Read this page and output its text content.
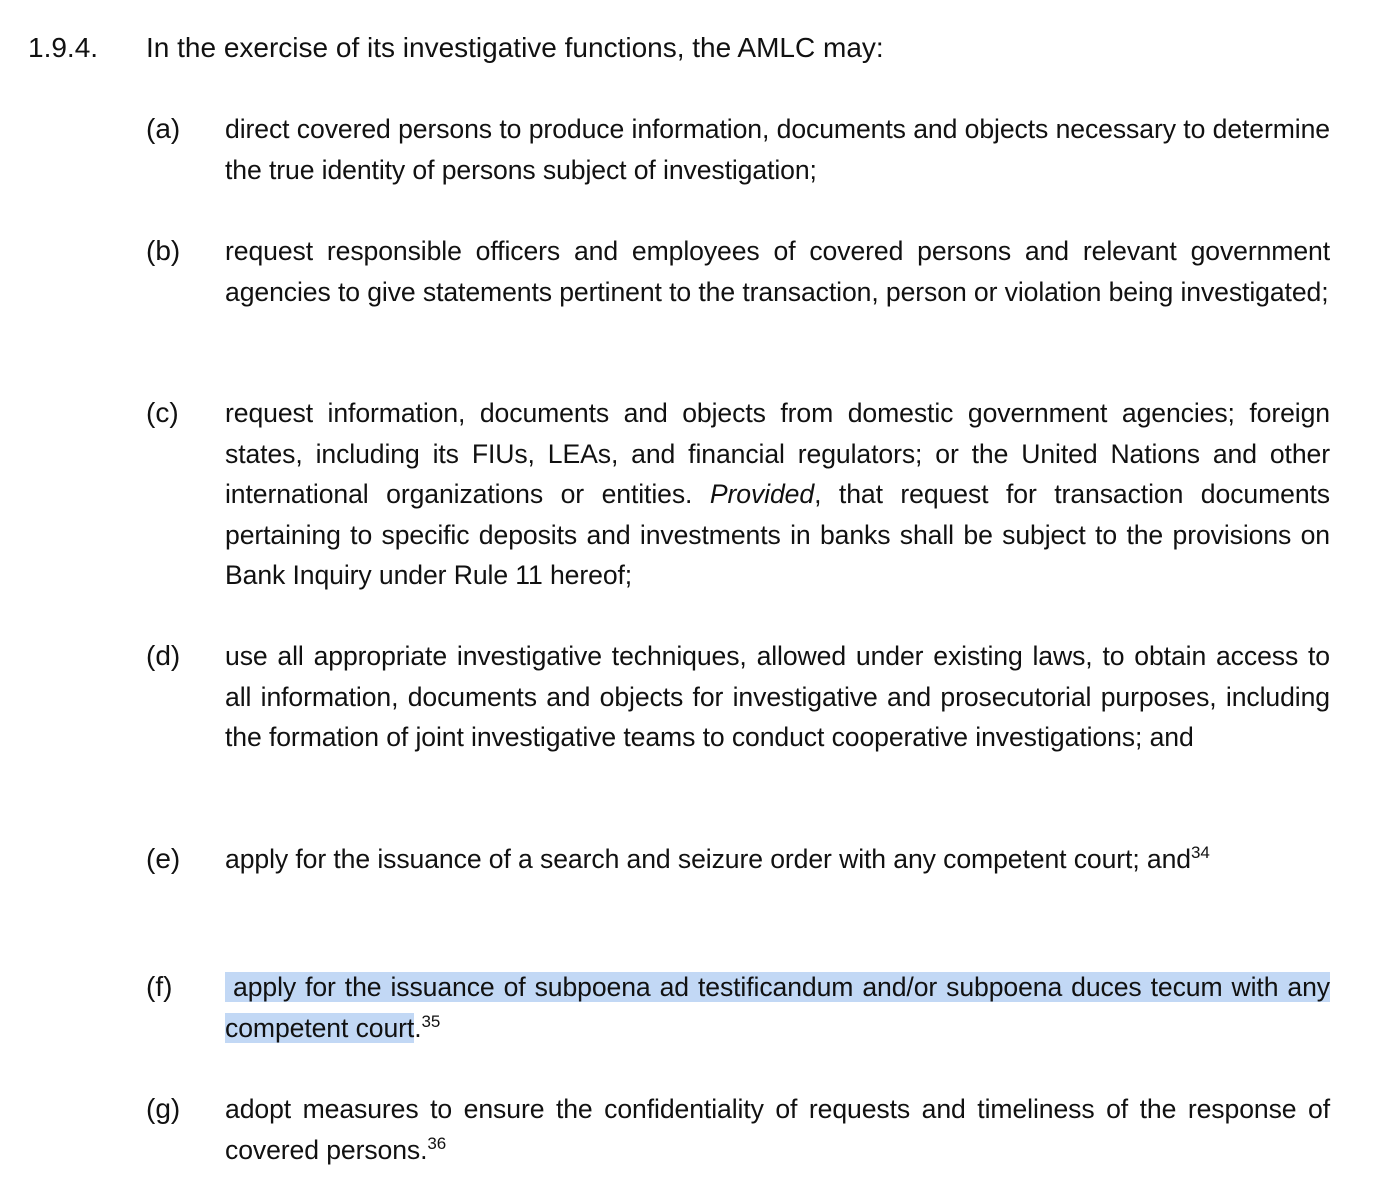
1.9.4. In the exercise of its investigative functions, the AMLC may:

(a) direct covered persons to produce information, documents and objects necessary to determine the true identity of persons subject of investigation;

(b) request responsible officers and employees of covered persons and relevant government agencies to give statements pertinent to the transaction, person or violation being investigated;

(c) request information, documents and objects from domestic government agencies; foreign states, including its FIUs, LEAs, and financial regulators; or the United Nations and other international organizations or entities. Provided, that request for transaction documents pertaining to specific deposits and investments in banks shall be subject to the provisions on Bank Inquiry under Rule 11 hereof;

(d) use all appropriate investigative techniques, allowed under existing laws, to obtain access to all information, documents and objects for investigative and prosecutorial purposes, including the formation of joint investigative teams to conduct cooperative investigations; and

(e) apply for the issuance of a search and seizure order with any competent court; and$^{34}$

(f)	apply for the issuance of subpoena ad testificandum and/or subpoena duces tecum with any competent court.$^{35}$

(g) adopt measures to ensure the confidentiality of requests and timeliness of the response of covered persons.$^{36}$
